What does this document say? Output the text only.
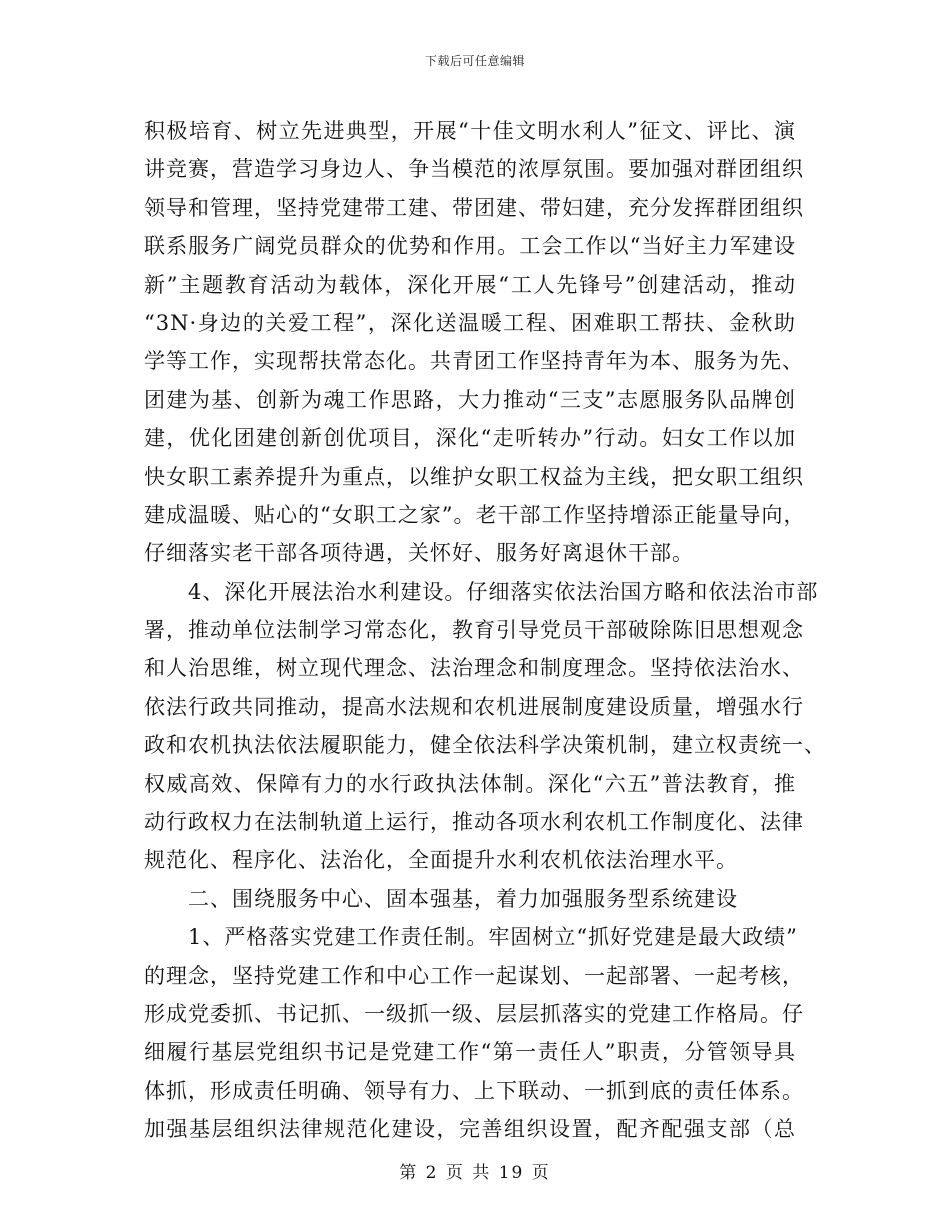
下载后可任意编辑
积极培育、树立先进典型，开展“十佳文明水利人”征文、评比、演
讲竞赛，营造学习身边人、争当模范的浓厚氛围。要加强对群团组织
领导和管理，坚持党建带工建、带团建、带妇建，充分发挥群团组织
联系服务广阔党员群众的优势和作用。工会工作以“当好主力军建设
新”主题教育活动为载体，深化开展“工人先锋号”创建活动，推动
“3N·身边的关爱工程”，深化送温暖工程、困难职工帮扶、金秋助
学等工作，实现帮扶常态化。共青团工作坚持青年为本、服务为先、
团建为基、创新为魂工作思路，大力推动“三支”志愿服务队品牌创
建，优化团建创新创优项目，深化“走听转办”行动。妇女工作以加
快女职工素养提升为重点，以维护女职工权益为主线，把女职工组织
建成温暖、贴心的“女职工之家”。老干部工作坚持增添正能量导向，
仔细落实老干部各项待遇，关怀好、服务好离退休干部。
　　4、深化开展法治水利建设。仔细落实依法治国方略和依法治市部
署，推动单位法制学习常态化，教育引导党员干部破除陈旧思想观念
和人治思维，树立现代理念、法治理念和制度理念。坚持依法治水、
依法行政共同推动，提高水法规和农机进展制度建设质量，增强水行
政和农机执法依法履职能力，健全依法科学决策机制，建立权责统一、
权威高效、保障有力的水行政执法体制。深化“六五”普法教育，推
动行政权力在法制轨道上运行，推动各项水利农机工作制度化、法律
规范化、程序化、法治化，全面提升水利农机依法治理水平。
　　二、围绕服务中心、固本强基，着力加强服务型系统建设
　　1、严格落实党建工作责任制。牢固树立“抓好党建是最大政绩”
的理念，坚持党建工作和中心工作一起谋划、一起部署、一起考核，
形成党委抓、书记抓、一级抓一级、层层抓落实的党建工作格局。仔
细履行基层党组织书记是党建工作“第一责任人”职责，分管领导具
体抓，形成责任明确、领导有力、上下联动、一抓到底的责任体系。
加强基层组织法律规范化建设，完善组织设置，配齐配强支部（总
第 2 页 共 19 页
